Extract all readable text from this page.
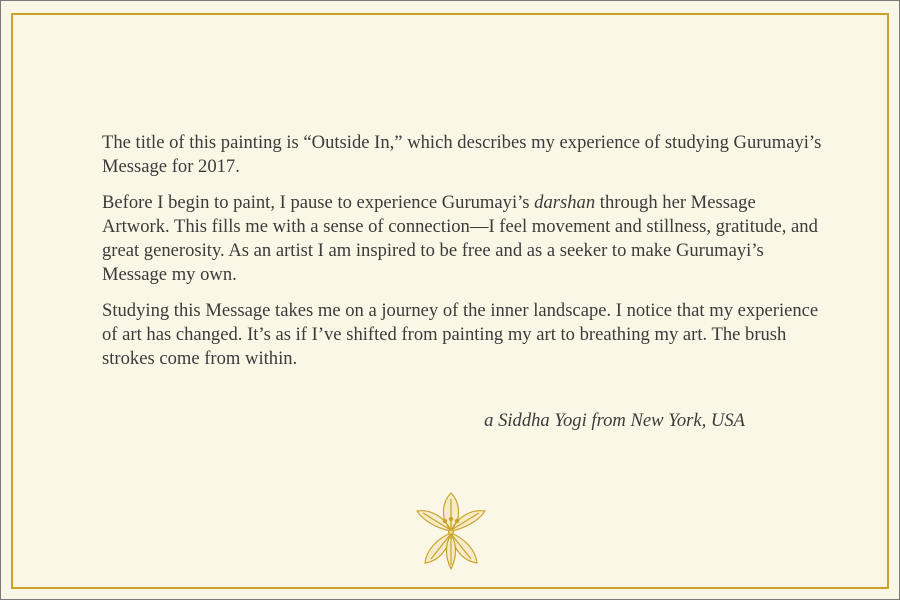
The title of this painting is “Outside In,” which describes my experience of studying Gurumayi’s Message for 2017.

Before I begin to paint, I pause to experience Gurumayi’s darshan through her Message Artwork. This fills me with a sense of connection—I feel movement and stillness, gratitude, and great generosity. As an artist I am inspired to be free and as a seeker to make Gurumayi’s Message my own.

Studying this Message takes me on a journey of the inner landscape. I notice that my experience of art has changed. It’s as if I’ve shifted from painting my art to breathing my art. The brush strokes come from within.

a Siddha Yogi from New York, USA
